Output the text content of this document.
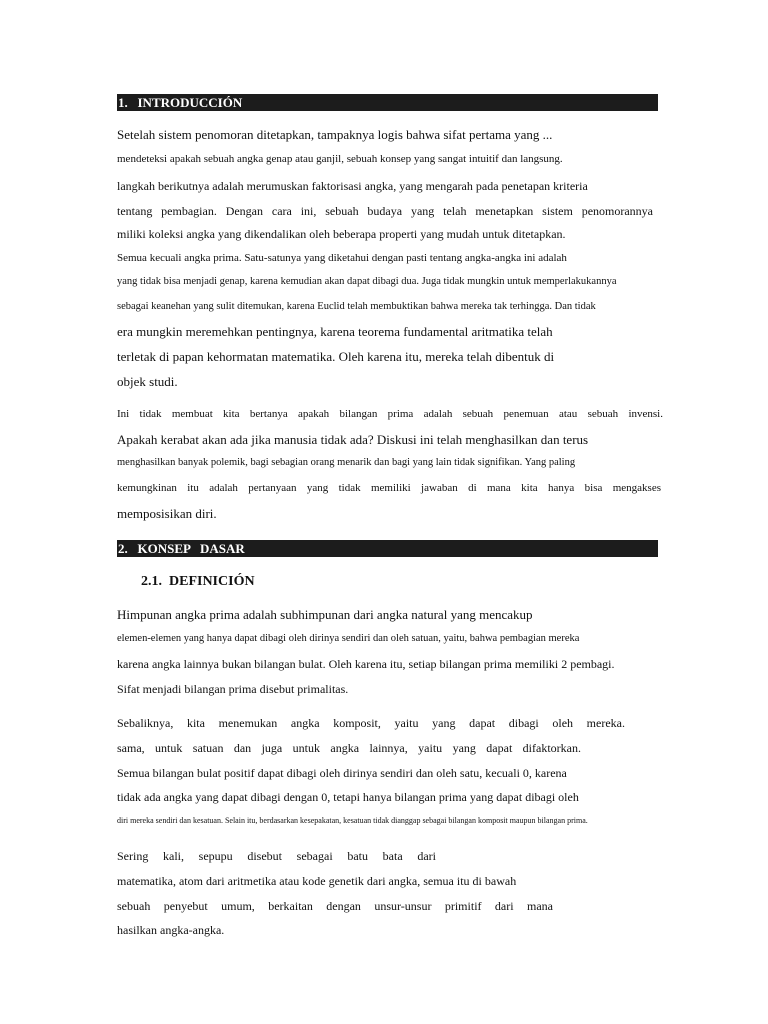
1.   INTRODUCCIÓN
Setelah sistem penomoran ditetapkan, tampaknya logis bahwa sifat pertama yang ...
mendeteksi apakah sebuah angka genap atau ganjil, sebuah konsep yang sangat intuitif dan langsung.
langkah berikutnya adalah merumuskan faktorisasi angka, yang mengarah pada penetapan kriteria
tentang pembagian. Dengan cara ini, sebuah budaya yang telah menetapkan sistem penomorannya
miliki koleksi angka yang dikendalikan oleh beberapa properti yang mudah untuk ditetapkan.
Semua kecuali angka prima. Satu-satunya yang diketahui dengan pasti tentang angka-angka ini adalah
yang tidak bisa menjadi genap, karena kemudian akan dapat dibagi dua. Juga tidak mungkin untuk memperlakukannya
sebagai keanehan yang sulit ditemukan, karena Euclid telah membuktikan bahwa mereka tak terhingga. Dan tidak
era mungkin meremehkan pentingnya, karena teorema fundamental aritmatika telah
terletak di papan kehormatan matematika. Oleh karena itu, mereka telah dibentuk di
objek studi.
Ini tidak membuat kita bertanya apakah bilangan prima adalah sebuah penemuan atau sebuah invensi.
Apakah kerabat akan ada jika manusia tidak ada? Diskusi ini telah menghasilkan dan terus
menghasilkan banyak polemik, bagi sebagian orang menarik dan bagi yang lain tidak signifikan. Yang paling
kemungkinan itu adalah pertanyaan yang tidak memiliki jawaban di mana kita hanya bisa mengakses
memposisikan diri.
2.   KONSEP   DASAR
2.1.  DEFINICIÓN
Himpunan angka prima adalah subhimpunan dari angka natural yang mencakup
elemen-elemen yang hanya dapat dibagi oleh dirinya sendiri dan oleh satuan, yaitu, bahwa pembagian mereka
karena angka lainnya bukan bilangan bulat. Oleh karena itu, setiap bilangan prima memiliki 2 pembagi.
Sifat menjadi bilangan prima disebut primalitas.
Sebaliknya, kita menemukan angka komposit, yaitu yang dapat dibagi oleh mereka.
sama, untuk satuan dan juga untuk angka lainnya, yaitu yang dapat difaktorkan.
Semua bilangan bulat positif dapat dibagi oleh dirinya sendiri dan oleh satu, kecuali 0, karena
tidak ada angka yang dapat dibagi dengan 0, tetapi hanya bilangan prima yang dapat dibagi oleh
diri mereka sendiri dan kesatuan. Selain itu, berdasarkan kesepakatan, kesatuan tidak dianggap sebagai bilangan komposit maupun bilangan prima.
Sering kali, sepupu disebut sebagai batu bata dari
matematika, atom dari aritmetika atau kode genetik dari angka, semua itu di bawah
sebuah penyebut umum, berkaitan dengan unsur-unsur primitif dari mana
hasilkan angka-angka.
